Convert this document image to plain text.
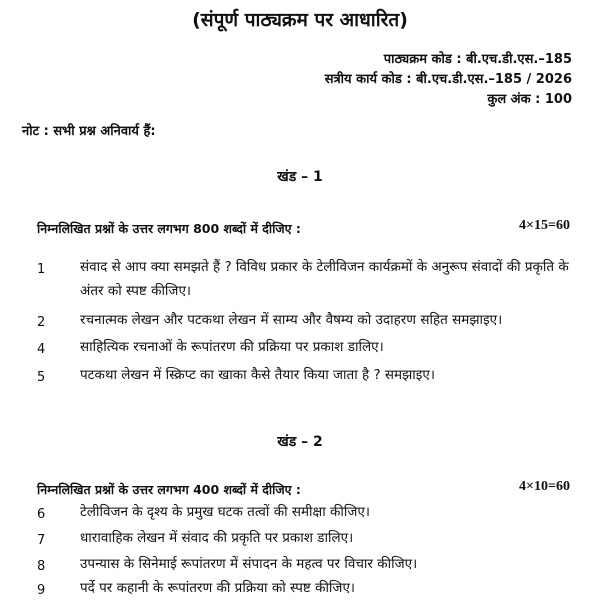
(संपूर्ण पाठ्यक्रम पर आधारित)
पाठ्यक्रम कोड : बी.एच.डी.एस.–185
सत्रीय कार्य कोड : बी.एच.डी.एस.–185 / 2026
कुल अंक : 100
नोट : सभी प्रश्न अनिवार्य हैं:
खंड – 1
निम्नलिखित प्रश्नों के उत्तर लगभग 800 शब्दों में दीजिए :	4×15=60
1	संवाद से आप क्या समझते हैं ? विविध प्रकार के टेलीविजन कार्यक्रमों के अनुरूप संवादों की प्रकृति के अंतर को स्पष्ट कीजिए।
2	रचनात्मक लेखन और पटकथा लेखन में साम्य और वैषम्य को उदाहरण सहित समझाइए।
4	साहित्यिक रचनाओं के रूपांतरण की प्रक्रिया पर प्रकाश डालिए।
5	पटकथा लेखन में स्क्रिप्ट का खाका कैसे तैयार किया जाता है ? समझाइए।
खंड – 2
निम्नलिखित प्रश्नों के उत्तर लगभग 400 शब्दों में दीजिए :	4×10=60
6	टेलीविजन के दृश्य के प्रमुख घटक तत्वों की समीक्षा कीजिए।
7	धारावाहिक लेखन में संवाद की प्रकृति पर प्रकाश डालिए।
8	उपन्यास के सिनेमाई रूपांतरण में संपादन के महत्व पर विचार कीजिए।
9	पर्दे पर कहानी के रूपांतरण की प्रक्रिया को स्पष्ट कीजिए।
